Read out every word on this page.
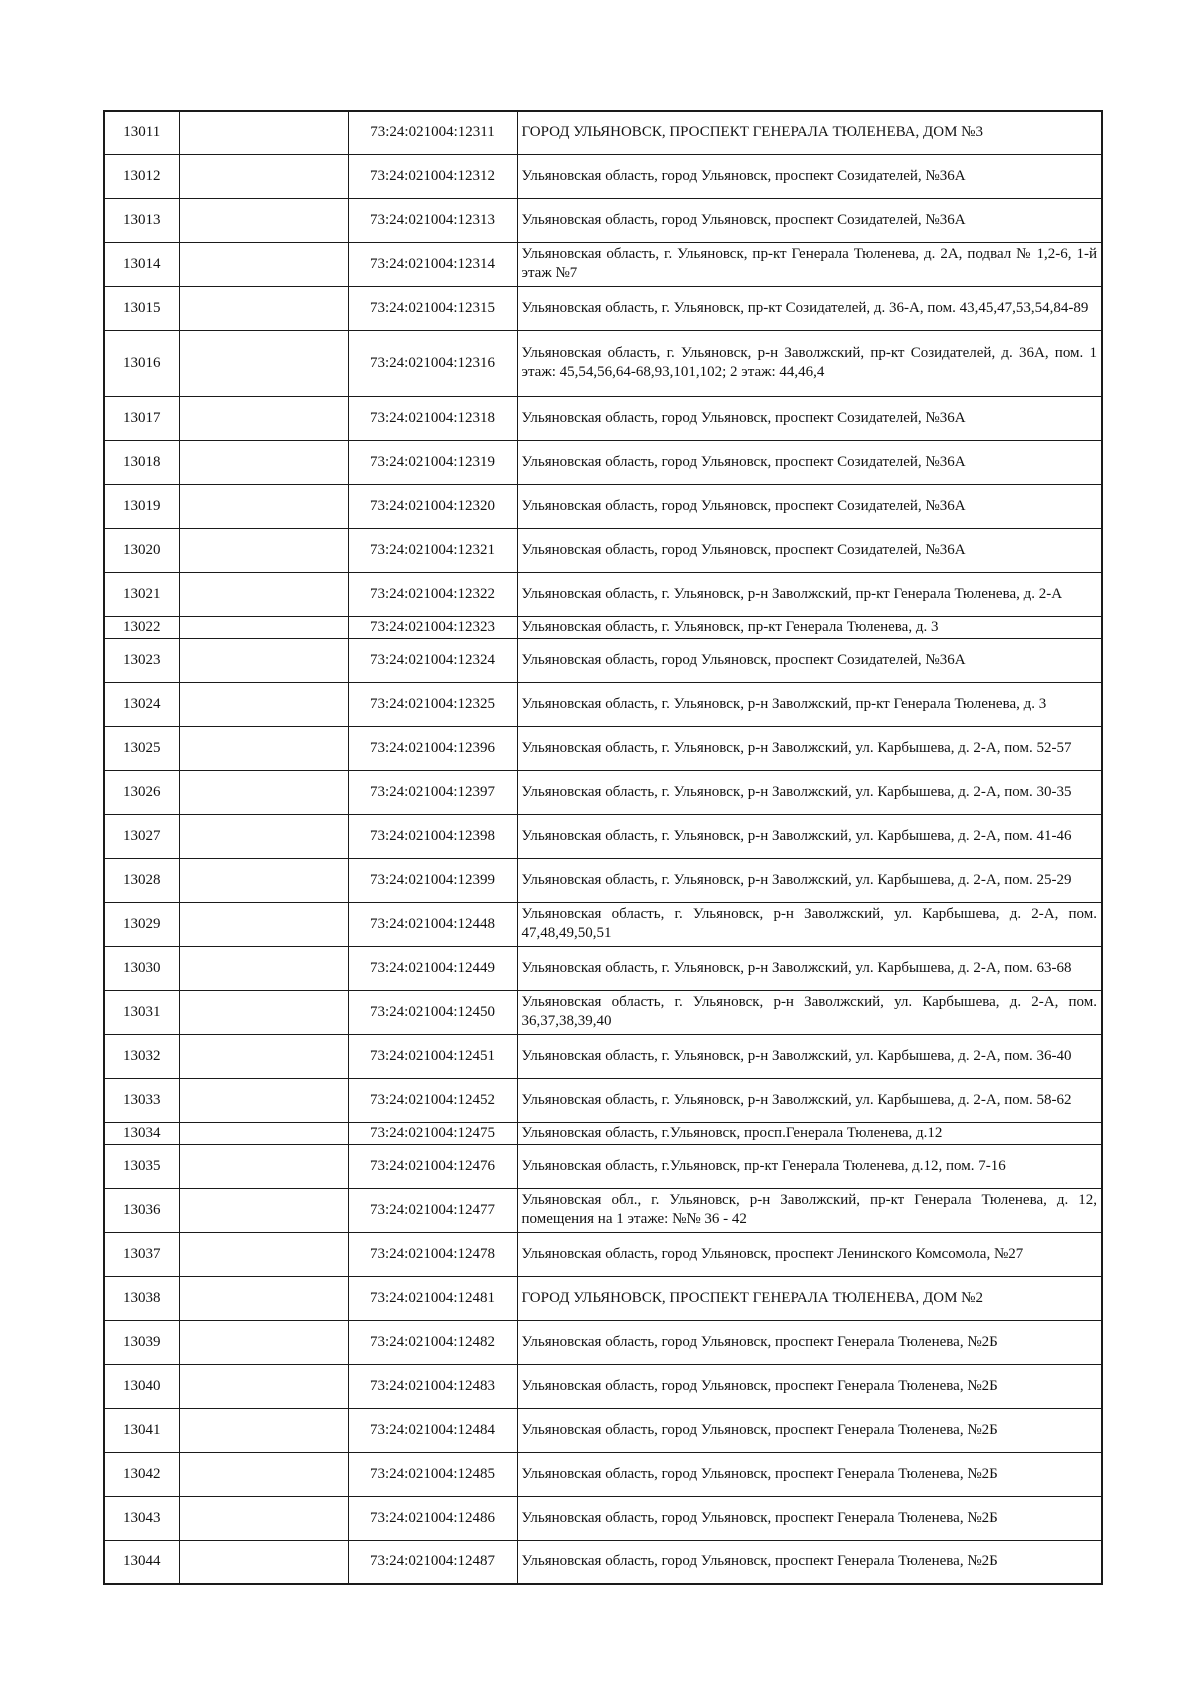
13011		73:24:021004:12311	ГОРОД УЛЬЯНОВСК, ПРОСПЕКТ ГЕНЕРАЛА ТЮЛЕНЕВА, ДОМ №3
13012		73:24:021004:12312	Ульяновская область, город Ульяновск, проспект Созидателей, №36А
13013		73:24:021004:12313	Ульяновская область, город Ульяновск, проспект Созидателей, №36А
13014		73:24:021004:12314	Ульяновская область, г. Ульяновск, пр-кт Генерала Тюленева, д. 2А, подвал № 1,2-6, 1-й этаж №7
13015		73:24:021004:12315	Ульяновская область, г. Ульяновск, пр-кт Созидателей, д. 36-А, пом. 43,45,47,53,54,84-89
13016		73:24:021004:12316	Ульяновская область, г. Ульяновск, р-н Заволжский, пр-кт Созидателей, д. 36А, пом. 1 этаж: 45,54,56,64-68,93,101,102; 2 этаж: 44,46,4
13017		73:24:021004:12318	Ульяновская область, город Ульяновск, проспект Созидателей, №36А
13018		73:24:021004:12319	Ульяновская область, город Ульяновск, проспект Созидателей, №36А
13019		73:24:021004:12320	Ульяновская область, город Ульяновск, проспект Созидателей, №36А
13020		73:24:021004:12321	Ульяновская область, город Ульяновск, проспект Созидателей, №36А
13021		73:24:021004:12322	Ульяновская область, г. Ульяновск, р-н Заволжский, пр-кт Генерала Тюленева, д. 2-А
13022		73:24:021004:12323	Ульяновская область, г. Ульяновск, пр-кт Генерала Тюленева, д. 3
13023		73:24:021004:12324	Ульяновская область, город Ульяновск, проспект Созидателей, №36А
13024		73:24:021004:12325	Ульяновская область, г. Ульяновск, р-н Заволжский, пр-кт Генерала Тюленева, д. 3
13025		73:24:021004:12396	Ульяновская область, г. Ульяновск, р-н Заволжский, ул. Карбышева, д. 2-А, пом. 52-57
13026		73:24:021004:12397	Ульяновская область, г. Ульяновск, р-н Заволжский, ул. Карбышева, д. 2-А, пом. 30-35
13027		73:24:021004:12398	Ульяновская область, г. Ульяновск, р-н Заволжский, ул. Карбышева, д. 2-А, пом. 41-46
13028		73:24:021004:12399	Ульяновская область, г. Ульяновск, р-н Заволжский, ул. Карбышева, д. 2-А, пом. 25-29
13029		73:24:021004:12448	Ульяновская область, г. Ульяновск, р-н Заволжский, ул. Карбышева, д. 2-А, пом. 47,48,49,50,51
13030		73:24:021004:12449	Ульяновская область, г. Ульяновск, р-н Заволжский, ул. Карбышева, д. 2-А, пом. 63-68
13031		73:24:021004:12450	Ульяновская область, г. Ульяновск, р-н Заволжский, ул. Карбышева, д. 2-А, пом. 36,37,38,39,40
13032		73:24:021004:12451	Ульяновская область, г. Ульяновск, р-н Заволжский, ул. Карбышева, д. 2-А, пом. 36-40
13033		73:24:021004:12452	Ульяновская область, г. Ульяновск, р-н Заволжский, ул. Карбышева, д. 2-А, пом. 58-62
13034		73:24:021004:12475	Ульяновская область, г.Ульяновск, просп.Генерала Тюленева, д.12
13035		73:24:021004:12476	Ульяновская область, г.Ульяновск, пр-кт Генерала Тюленева, д.12, пом. 7-16
13036		73:24:021004:12477	Ульяновская обл., г. Ульяновск, р-н Заволжский, пр-кт Генерала Тюленева, д. 12, помещения на 1 этаже: №№ 36 - 42
13037		73:24:021004:12478	Ульяновская область, город Ульяновск, проспект Ленинского Комсомола, №27
13038		73:24:021004:12481	ГОРОД УЛЬЯНОВСК, ПРОСПЕКТ ГЕНЕРАЛА ТЮЛЕНЕВА, ДОМ №2
13039		73:24:021004:12482	Ульяновская область, город Ульяновск, проспект Генерала Тюленева, №2Б
13040		73:24:021004:12483	Ульяновская область, город Ульяновск, проспект Генерала Тюленева, №2Б
13041		73:24:021004:12484	Ульяновская область, город Ульяновск, проспект Генерала Тюленева, №2Б
13042		73:24:021004:12485	Ульяновская область, город Ульяновск, проспект Генерала Тюленева, №2Б
13043		73:24:021004:12486	Ульяновская область, город Ульяновск, проспект Генерала Тюленева, №2Б
13044		73:24:021004:12487	Ульяновская область, город Ульяновск, проспект Генерала Тюленева, №2Б
